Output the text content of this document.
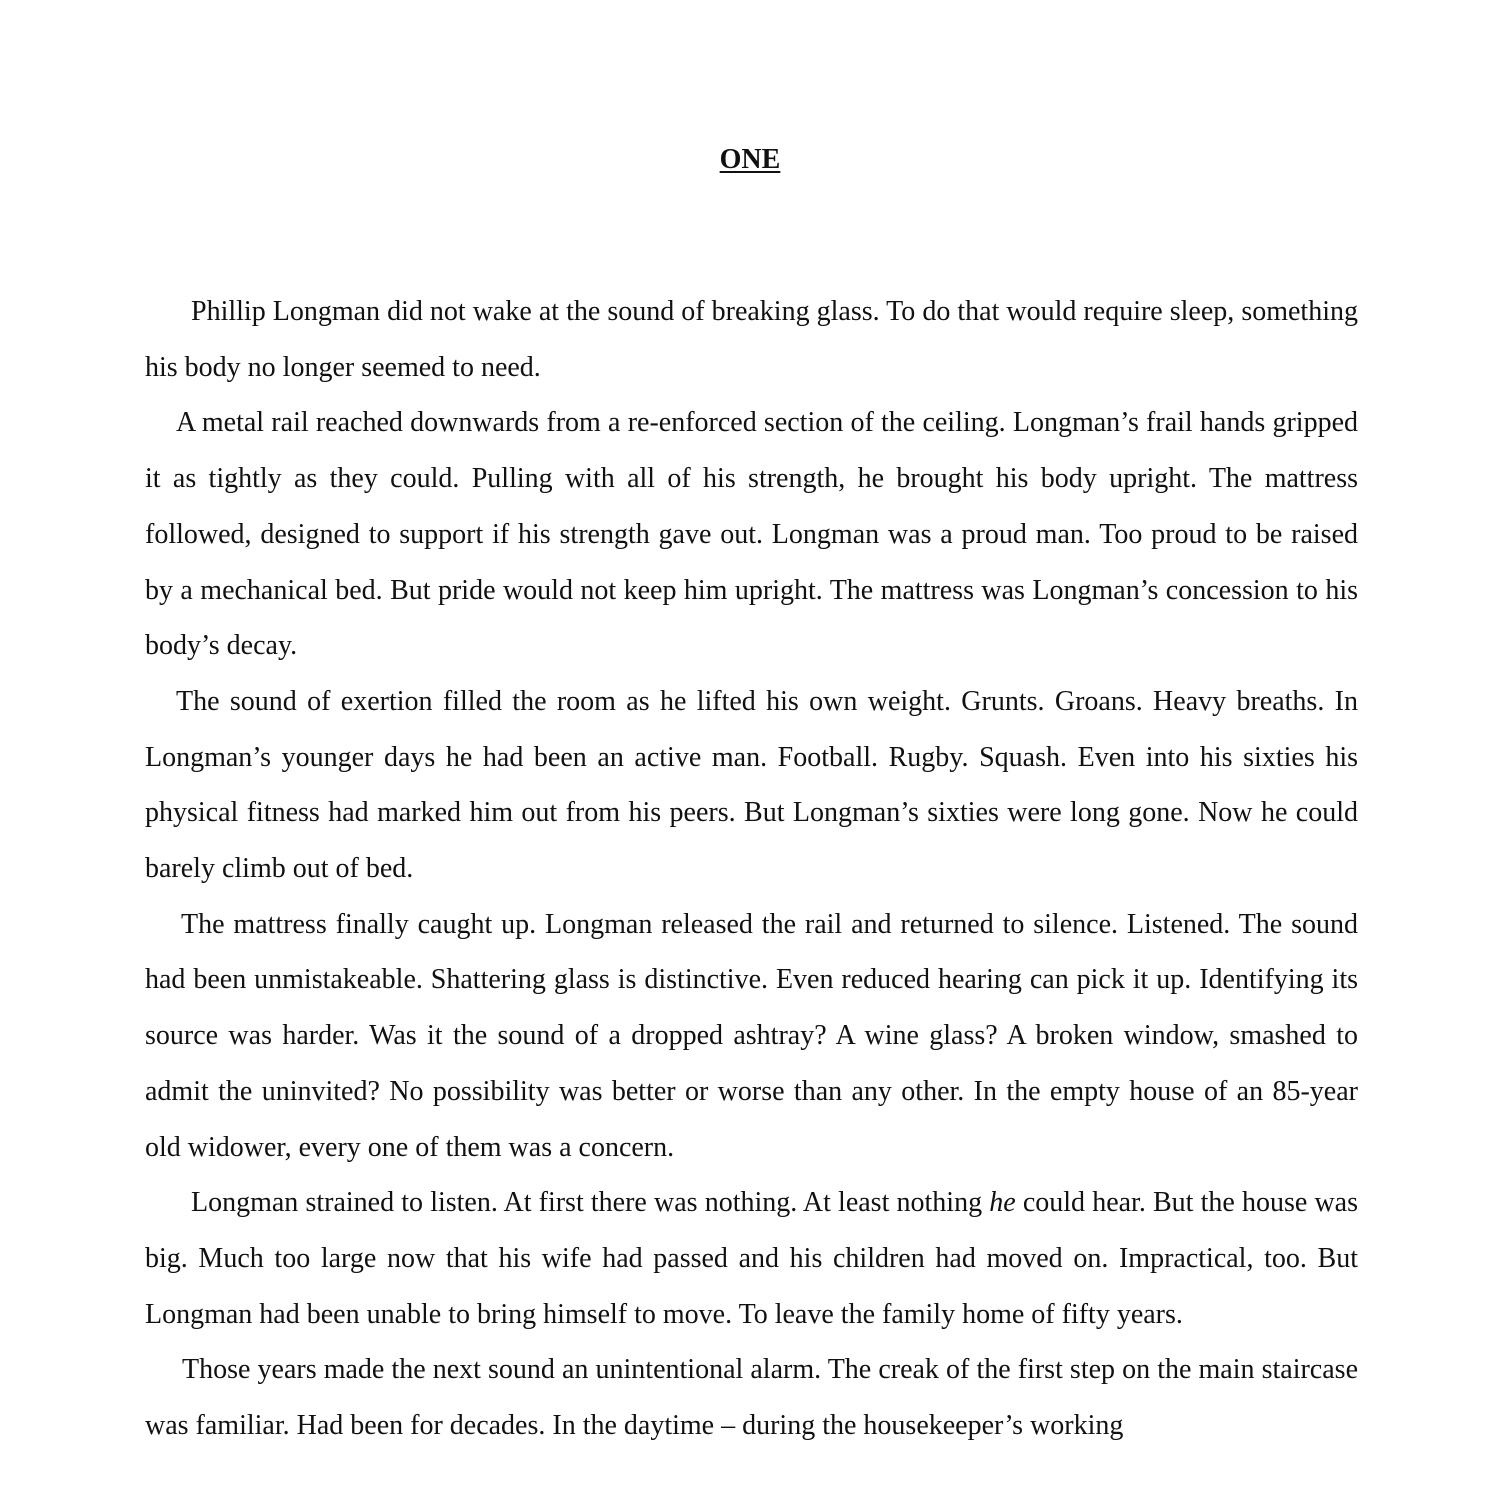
ONE

Phillip Longman did not wake at the sound of breaking glass. To do that would require sleep, something his body no longer seemed to need.

A metal rail reached downwards from a re-enforced section of the ceiling. Longman’s frail hands gripped it as tightly as they could. Pulling with all of his strength, he brought his body upright. The mattress followed, designed to support if his strength gave out. Longman was a proud man. Too proud to be raised by a mechanical bed. But pride would not keep him upright. The mattress was Longman’s concession to his body’s decay.

The sound of exertion filled the room as he lifted his own weight. Grunts. Groans. Heavy breaths. In Longman’s younger days he had been an active man. Football. Rugby. Squash. Even into his sixties his physical fitness had marked him out from his peers. But Longman’s sixties were long gone. Now he could barely climb out of bed.

The mattress finally caught up. Longman released the rail and returned to silence. Listened. The sound had been unmistakeable. Shattering glass is distinctive. Even reduced hearing can pick it up. Identifying its source was harder. Was it the sound of a dropped ashtray? A wine glass? A broken window, smashed to admit the uninvited? No possibility was better or worse than any other. In the empty house of an 85-year old widower, every one of them was a concern.

Longman strained to listen. At first there was nothing. At least nothing he could hear. But the house was big. Much too large now that his wife had passed and his children had moved on. Impractical, too. But Longman had been unable to bring himself to move. To leave the family home of fifty years.

Those years made the next sound an unintentional alarm. The creak of the first step on the main staircase was familiar. Had been for decades. In the daytime – during the housekeeper’s working
